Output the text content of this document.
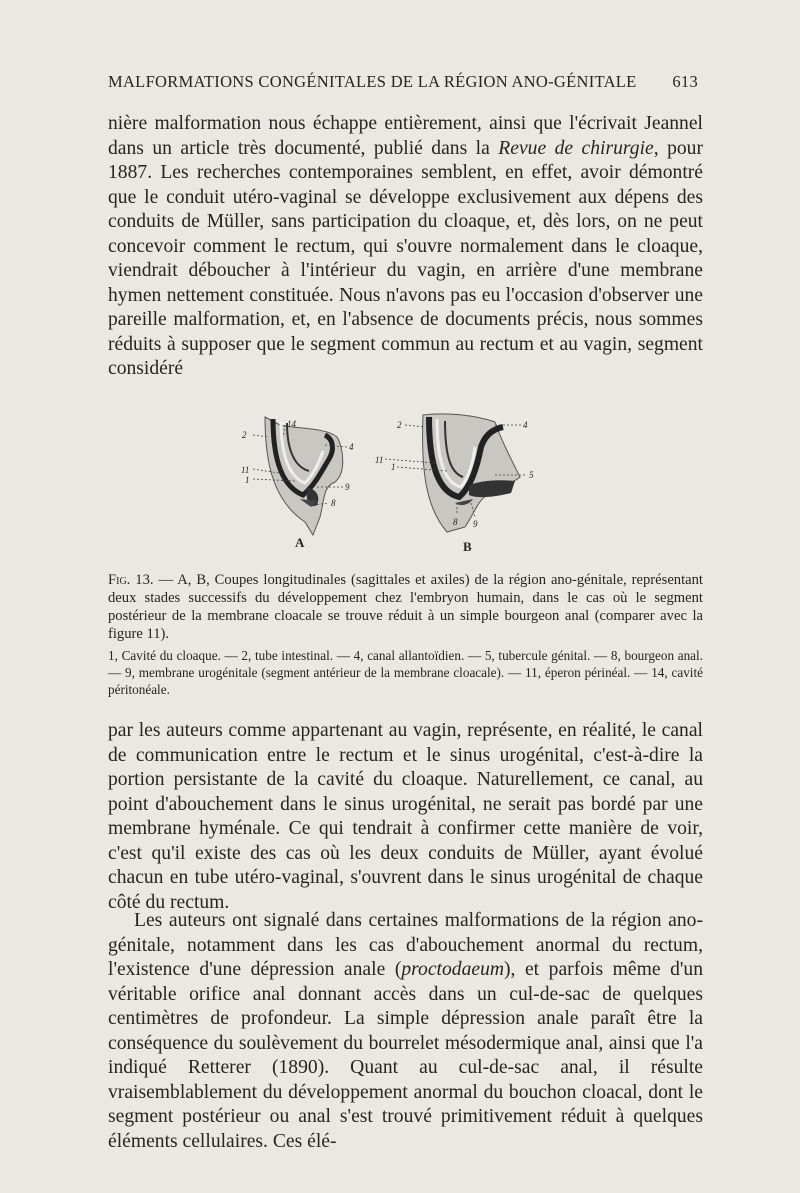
MALFORMATIONS CONGÉNITALES DE LA RÉGION ANO-GÉNITALE 613

nière malformation nous échappe entièrement, ainsi que l'écrivait Jeannel dans un article très documenté, publié dans la Revue de chirurgie, pour 1887. Les recherches contemporaines semblent, en effet, avoir démontré que le conduit utéro-vaginal se développe exclusivement aux dépens des conduits de Müller, sans participation du cloaque, et, dès lors, on ne peut concevoir comment le rectum, qui s'ouvre normalement dans le cloaque, viendrait déboucher à l'intérieur du vagin, en arrière d'une membrane hymen nettement constituée. Nous n'avons pas eu l'occasion d'observer une pareille malformation, et, en l'absence de documents précis, nous sommes réduits à supposer que le segment commun au rectum et au vagin, segment considéré

2
14
4
11
1
9
8
2	4
11
1
5
8 9
A	B
Fig. 13. — A, B, Coupes longitudinales (sagittales et axiles) de la région ano-génitale, représentant deux stades successifs du développement chez l'embryon humain, dans le cas où le segment postérieur de la membrane cloacale se trouve réduit à un simple bourgeon anal (comparer avec la figure 11).
1, Cavité du cloaque. — 2, tube intestinal. — 4, canal allantoïdien. — 5, tubercule génital. — 8, bourgeon anal. — 9, membrane urogénitale (segment antérieur de la membrane cloacale). — 11, éperon périnéal. — 14, cavité péritonéale.

par les auteurs comme appartenant au vagin, représente, en réalité, le canal de communication entre le rectum et le sinus urogénital, c'est-à-dire la portion persistante de la cavité du cloaque. Naturellement, ce canal, au point d'abouchement dans le sinus urogénital, ne serait pas bordé par une membrane hyménale. Ce qui tendrait à confirmer cette manière de voir, c'est qu'il existe des cas où les deux conduits de Müller, ayant évolué chacun en tube utéro-vaginal, s'ouvrent dans le sinus urogénital de chaque côté du rectum.

Les auteurs ont signalé dans certaines malformations de la région ano-génitale, notamment dans les cas d'abouchement anormal du rectum, l'existence d'une dépression anale (proctodaeum), et parfois même d'un véritable orifice anal donnant accès dans un cul-de-sac de quelques centimètres de profondeur. La simple dépression anale paraît être la conséquence du soulèvement du bourrelet mésodermique anal, ainsi que l'a indiqué Retterer (1890). Quant au cul-de-sac anal, il résulte vraisemblablement du développement anormal du bouchon cloacal, dont le segment postérieur ou anal s'est trouvé primitivement réduit à quelques éléments cellulaires. Ces élé-
